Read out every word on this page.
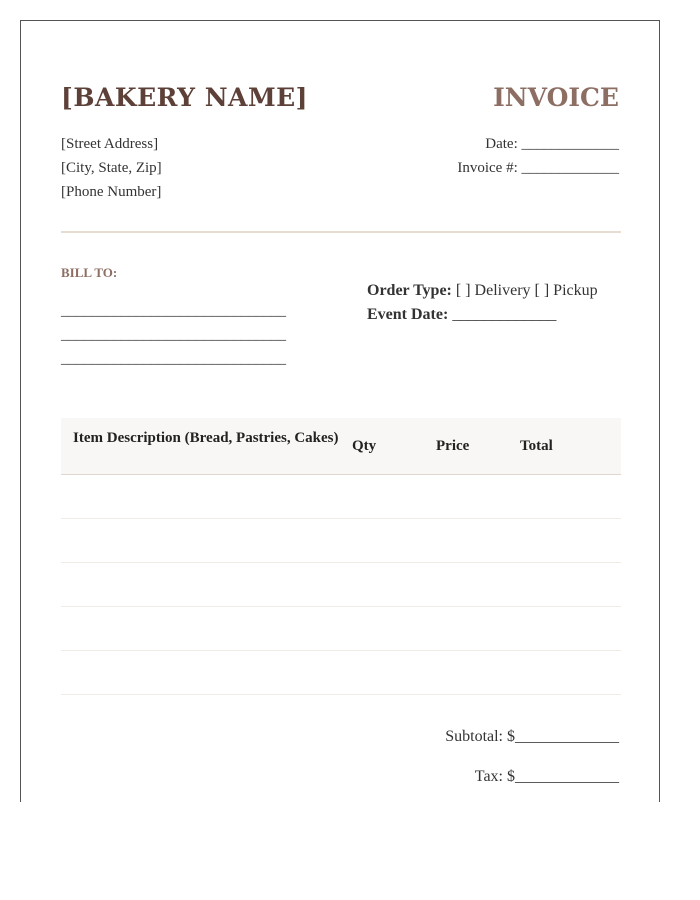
[BAKERY NAME]	INVOICE
[Street Address]
[City, State, Zip]
[Phone Number]
Date: _____________
Invoice #: _____________
BILL TO:
______________________________
______________________________
______________________________
Order Type: [ ] Delivery [ ] Pickup
Event Date: _____________
Item Description (Bread, Pastries, Cakes) Qty	Price	Total
Subtotal: $_____________
Tax: $_____________
